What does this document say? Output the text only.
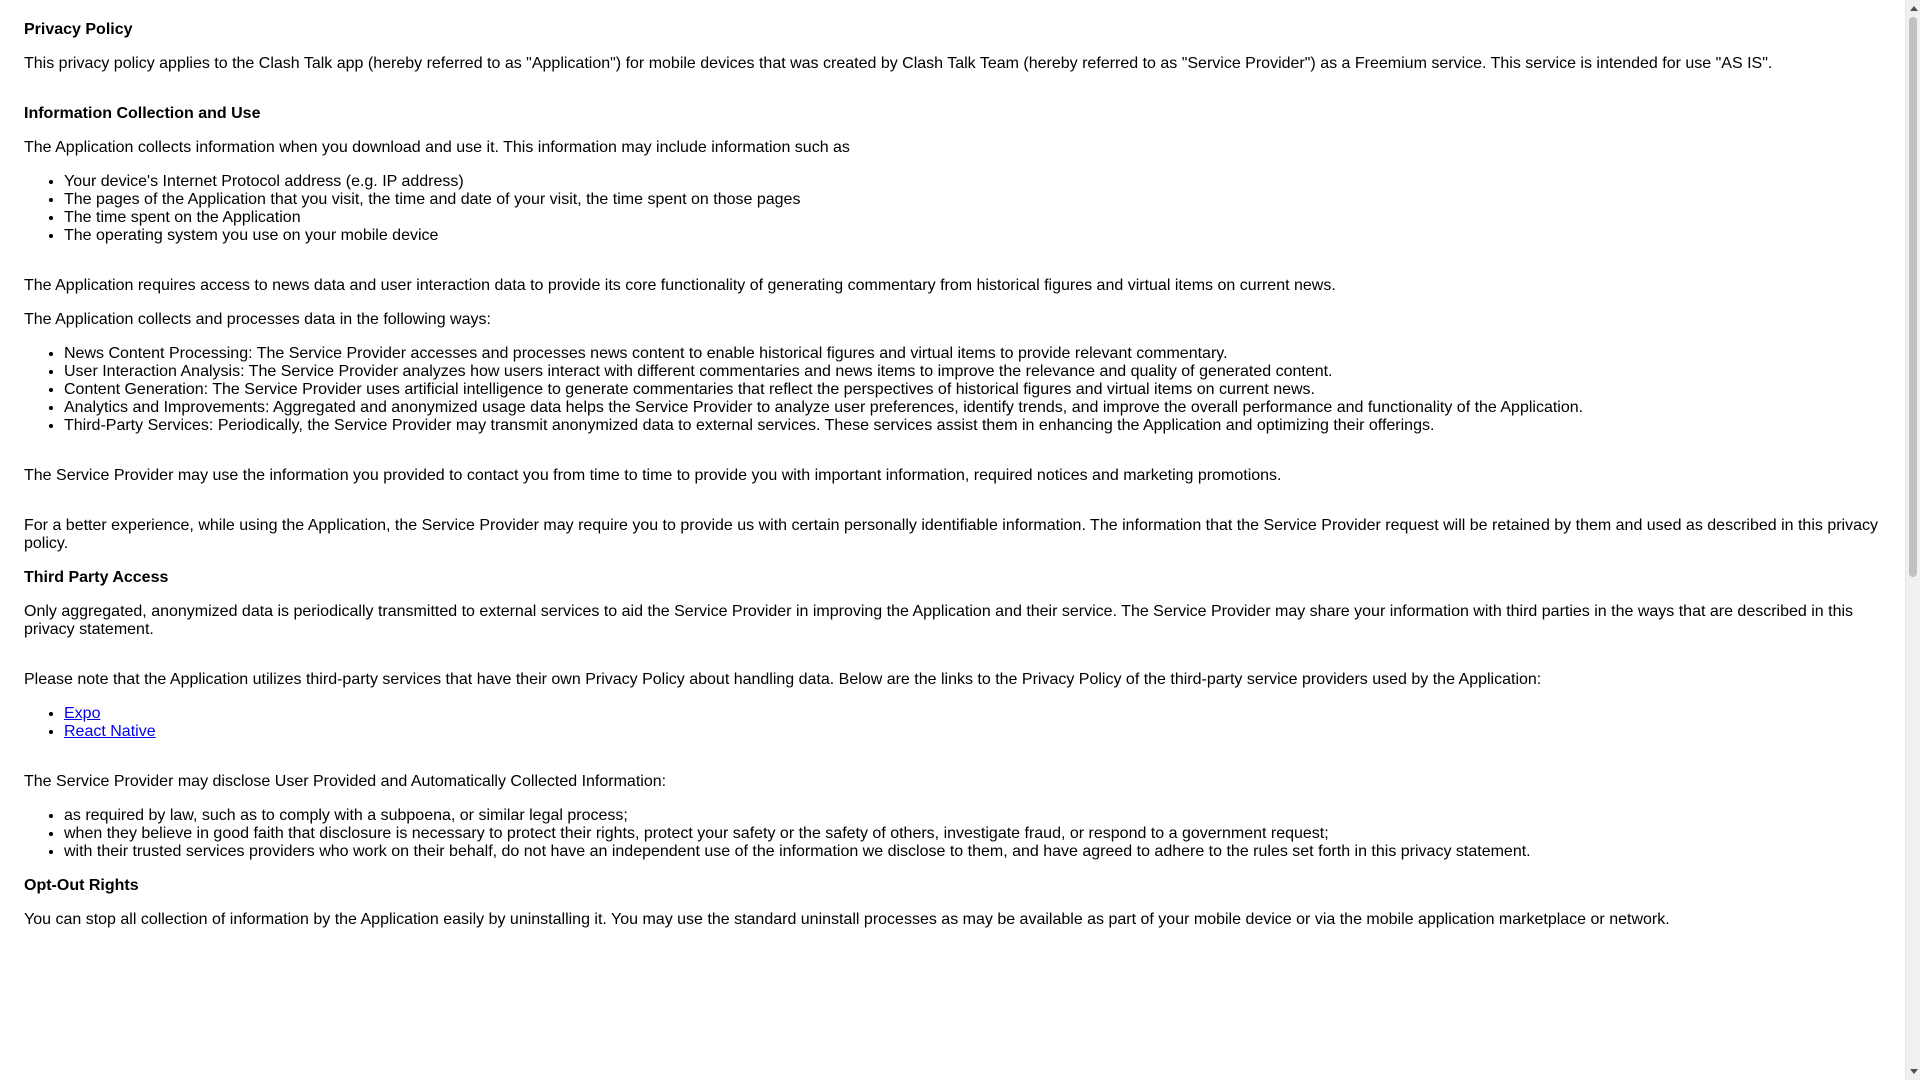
Privacy Policy

This privacy policy applies to the Clash Talk app (hereby referred to as "Application") for mobile devices that was created by Clash Talk Team (hereby referred to as "Service Provider") as a Freemium service. This service is intended for use "AS IS".

Information Collection and Use

The Application collects information when you download and use it. This information may include information such as

• Your device's Internet Protocol address (e.g. IP address)
• The pages of the Application that you visit, the time and date of your visit, the time spent on those pages
• The time spent on the Application
• The operating system you use on your mobile device

The Application requires access to news data and user interaction data to provide its core functionality of generating commentary from historical figures and virtual items on current news.

The Application collects and processes data in the following ways:

• News Content Processing: The Service Provider accesses and processes news content to enable historical figures and virtual items to provide relevant commentary.
• User Interaction Analysis: The Service Provider analyzes how users interact with different commentaries and news items to improve the relevance and quality of generated content.
• Content Generation: The Service Provider uses artificial intelligence to generate commentaries that reflect the perspectives of historical figures and virtual items on current news.
• Analytics and Improvements: Aggregated and anonymized usage data helps the Service Provider to analyze user preferences, identify trends, and improve the overall performance and functionality of the Application.
• Third-Party Services: Periodically, the Service Provider may transmit anonymized data to external services. These services assist them in enhancing the Application and optimizing their offerings.

The Service Provider may use the information you provided to contact you from time to time to provide you with important information, required notices and marketing promotions.

For a better experience, while using the Application, the Service Provider may require you to provide us with certain personally identifiable information. The information that the Service Provider request will be retained by them and used as described in this privacy policy.

Third Party Access

Only aggregated, anonymized data is periodically transmitted to external services to aid the Service Provider in improving the Application and their service. The Service Provider may share your information with third parties in the ways that are described in this privacy statement.

Please note that the Application utilizes third-party services that have their own Privacy Policy about handling data. Below are the links to the Privacy Policy of the third-party service providers used by the Application:

• Expo
• React Native

The Service Provider may disclose User Provided and Automatically Collected Information:

• as required by law, such as to comply with a subpoena, or similar legal process;
• when they believe in good faith that disclosure is necessary to protect their rights, protect your safety or the safety of others, investigate fraud, or respond to a government request;
• with their trusted services providers who work on their behalf, do not have an independent use of the information we disclose to them, and have agreed to adhere to the rules set forth in this privacy statement.
Opt-Out Rights

You can stop all collection of information by the Application easily by uninstalling it. You may use the standard uninstall processes as may be available as part of your mobile device or via the mobile application marketplace or network.
